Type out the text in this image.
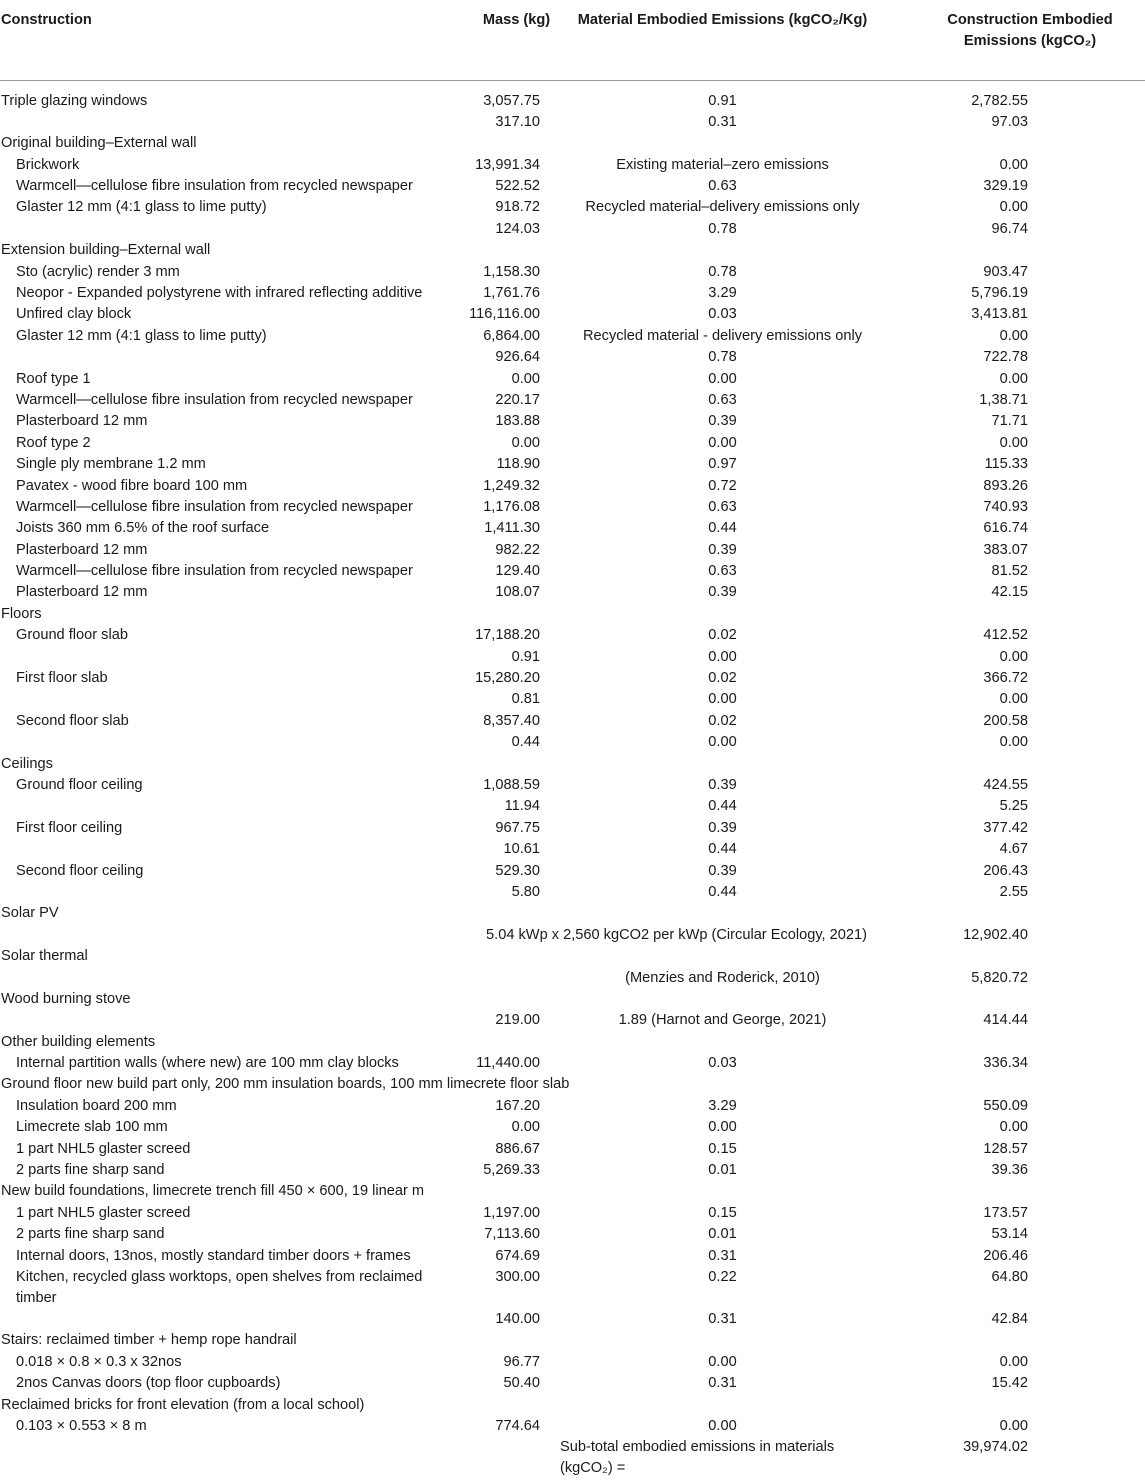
Construction	Mass (kg)	Material Embodied Emissions (kgCO₂/Kg)	Construction Embodied Emissions (kgCO₂)
Triple glazing windows	3,057.75	0.91	2,782.55
	317.10	0.31	97.03
Original building–External wall			
Brickwork	13,991.34	Existing material–zero emissions	0.00
Warmcell—cellulose fibre insulation from recycled newspaper	522.52	0.63	329.19
Glaster 12 mm (4:1 glass to lime putty)	918.72	Recycled material–delivery emissions only	0.00
	124.03	0.78	96.74
Extension building–External wall			
Sto (acrylic) render 3 mm	1,158.30	0.78	903.47
Neopor - Expanded polystyrene with infrared reflecting additive	1,761.76	3.29	5,796.19
Unfired clay block	116,116.00	0.03	3,413.81
Glaster 12 mm (4:1 glass to lime putty)	6,864.00	Recycled material - delivery emissions only	0.00
	926.64	0.78	722.78
Roof type 1	0.00	0.00	0.00
Warmcell—cellulose fibre insulation from recycled newspaper	220.17	0.63	1,38.71
Plasterboard 12 mm	183.88	0.39	71.71
Roof type 2	0.00	0.00	0.00
Single ply membrane 1.2 mm	118.90	0.97	115.33
Pavatex - wood fibre board 100 mm	1,249.32	0.72	893.26
Warmcell—cellulose fibre insulation from recycled newspaper	1,176.08	0.63	740.93
Joists 360 mm 6.5% of the roof surface	1,411.30	0.44	616.74
Plasterboard 12 mm	982.22	0.39	383.07
Warmcell—cellulose fibre insulation from recycled newspaper	129.40	0.63	81.52
Plasterboard 12 mm	108.07	0.39	42.15
Floors			
Ground floor slab	17,188.20	0.02	412.52
	0.91	0.00	0.00
First floor slab	15,280.20	0.02	366.72
	0.81	0.00	0.00
Second floor slab	8,357.40	0.02	200.58
	0.44	0.00	0.00
Ceilings			
Ground floor ceiling	1,088.59	0.39	424.55
	11.94	0.44	5.25
First floor ceiling	967.75	0.39	377.42
	10.61	0.44	4.67
Second floor ceiling	529.30	0.39	206.43
	5.80	0.44	2.55
Solar PV			
	5.04 kWp x 2,560 kgCO2 per kWp (Circular Ecology, 2021)		12,902.40
Solar thermal			
		(Menzies and Roderick, 2010)	5,820.72
Wood burning stove			
	219.00	1.89 (Harnot and George, 2021)	414.44
Other building elements			
Internal partition walls (where new) are 100 mm clay blocks	11,440.00	0.03	336.34
Ground floor new build part only, 200 mm insulation boards, 100 mm limecrete floor slab			
Insulation board 200 mm	167.20	3.29	550.09
Limecrete slab 100 mm	0.00	0.00	0.00
1 part NHL5 glaster screed	886.67	0.15	128.57
2 parts fine sharp sand	5,269.33	0.01	39.36
New build foundations, limecrete trench fill 450 × 600, 19 linear m			
1 part NHL5 glaster screed	1,197.00	0.15	173.57
2 parts fine sharp sand	7,113.60	0.01	53.14
Internal doors, 13nos, mostly standard timber doors + frames	674.69	0.31	206.46
Kitchen, recycled glass worktops, open shelves from reclaimed timber	300.00	0.22	64.80
	140.00	0.31	42.84
Stairs: reclaimed timber + hemp rope handrail			
0.018 × 0.8 × 0.3 x 32nos	96.77	0.00	0.00
2nos Canvas doors (top floor cupboards)	50.40	0.31	15.42
Reclaimed bricks for front elevation (from a local school)			
0.103 × 0.553 × 8 m	774.64	0.00	0.00
		Sub-total embodied emissions in materials (kgCO₂) =	39,974.02
